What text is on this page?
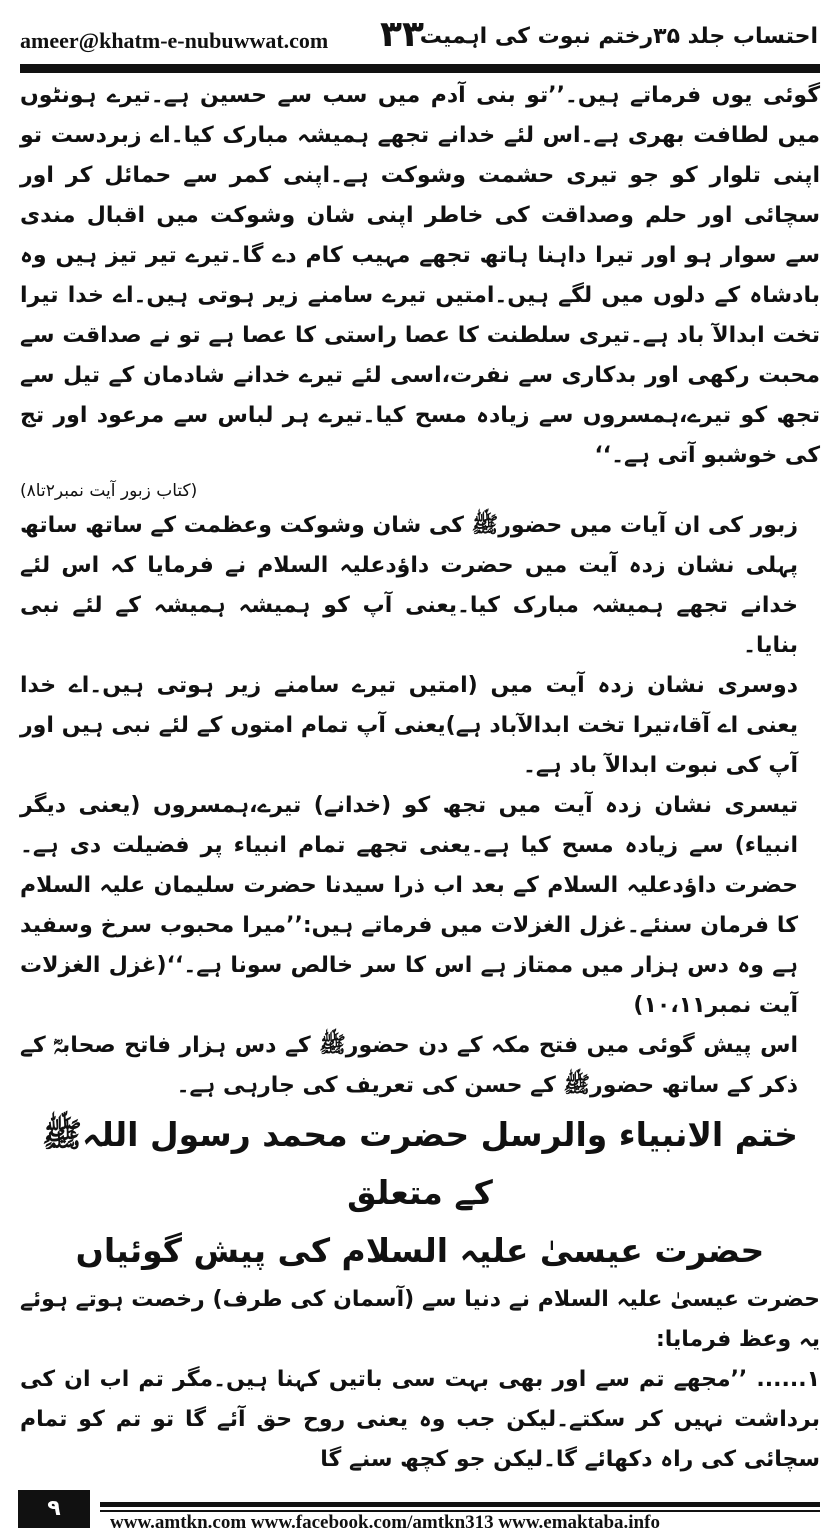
ameer@khatm-e-nubuwwat.com ۳۳
احتساب جلد ۳۵رختم نبوت کی اہمیت

گوئی یوں فرماتے ہیں۔’’تو بنی آدم میں سب سے حسین ہے۔تیرے ہونٹوں میں لطافت بھری ہے۔اس لئے خدانے تجھے ہمیشہ مبارک کیا۔اے زبردست تو اپنی تلوار کو جو تیری حشمت وشوکت ہے۔اپنی کمر سے حمائل کر اور سچائی اور حلم وصداقت کی خاطر اپنی شان وشوکت میں اقبال مندی سے سوار ہو اور تیرا داہنا ہاتھ تجھے مہیب کام دے گا۔تیرے تیر تیز ہیں وہ بادشاہ کے دلوں میں لگے ہیں۔امتیں تیرے سامنے زیر ہوتی ہیں۔اے خدا تیرا تخت ابدالآ باد ہے۔تیری سلطنت کا عصا راستی کا عصا ہے تو نے صداقت سے محبت رکھی اور بدکاری سے نفرت،اسی لئے تیرے خدانے شادمان کے تیل سے تجھ کو تیرے،ہمسروں سے زیادہ مسح کیا۔تیرے ہر لباس سے مرعود اور تج کی خوشبو آتی ہے۔‘‘

(کتاب زبور آیت نمبر۲تا۸)

زبور کی ان آیات میں حضورﷺ کی شان وشوکت وعظمت کے ساتھ ساتھ پہلی نشان زدہ آیت میں حضرت داؤدعلیہ السلام نے فرمایا کہ اس لئے خدانے تجھے ہمیشہ مبارک کیا۔یعنی آپ کو ہمیشہ ہمیشہ کے لئے نبی بنایا۔

دوسری نشان زدہ آیت میں (امتیں تیرے سامنے زیر ہوتی ہیں۔اے خدا یعنی اے آقا،تیرا تخت ابدالآباد ہے)یعنی آپ تمام امتوں کے لئے نبی ہیں اور آپ کی نبوت ابدالآ باد ہے۔

تیسری نشان زدہ آیت میں تجھ کو (خدانے) تیرے،ہمسروں (یعنی دیگر انبیاء) سے زیادہ مسح کیا ہے۔یعنی تجھے تمام انبیاء پر فضیلت دی ہے۔حضرت داؤدعلیہ السلام کے بعد اب ذرا سیدنا حضرت سلیمان علیہ السلام کا فرمان سنئے۔غزل الغزلات میں فرماتے ہیں:’’میرا محبوب سرخ وسفید ہے وہ دس ہزار میں ممتاز ہے اس کا سر خالص سونا ہے۔‘‘(غزل الغزلات آیت نمبر۱۰،۱۱)

اس پیش گوئی میں فتح مکہ کے دن حضورﷺ کے دس ہزار فاتح صحابہؓ کے ذکر کے ساتھ حضورﷺ کے حسن کی تعریف کی جارہی ہے۔

ختم الانبیاء والرسل حضرت محمد رسول اللہﷺ کے متعلق

حضرت عیسیٰ علیہ السلام کی پیش گوئیاں

حضرت عیسیٰ علیہ السلام نے دنیا سے (آسمان کی طرف) رخصت ہوتے ہوئے یہ وعظ فرمایا:

۱...... ’’مجھے تم سے اور بھی بہت سی باتیں کہنا ہیں۔مگر تم اب ان کی برداشت نہیں کر سکتے۔لیکن جب وہ یعنی روح حق آئے گا تو تم کو تمام سچائی کی راہ دکھائے گا۔لیکن جو کچھ سنے گا

۹
www.amtkn.com www.facebook.com/amtkn313 www.emaktaba.info
